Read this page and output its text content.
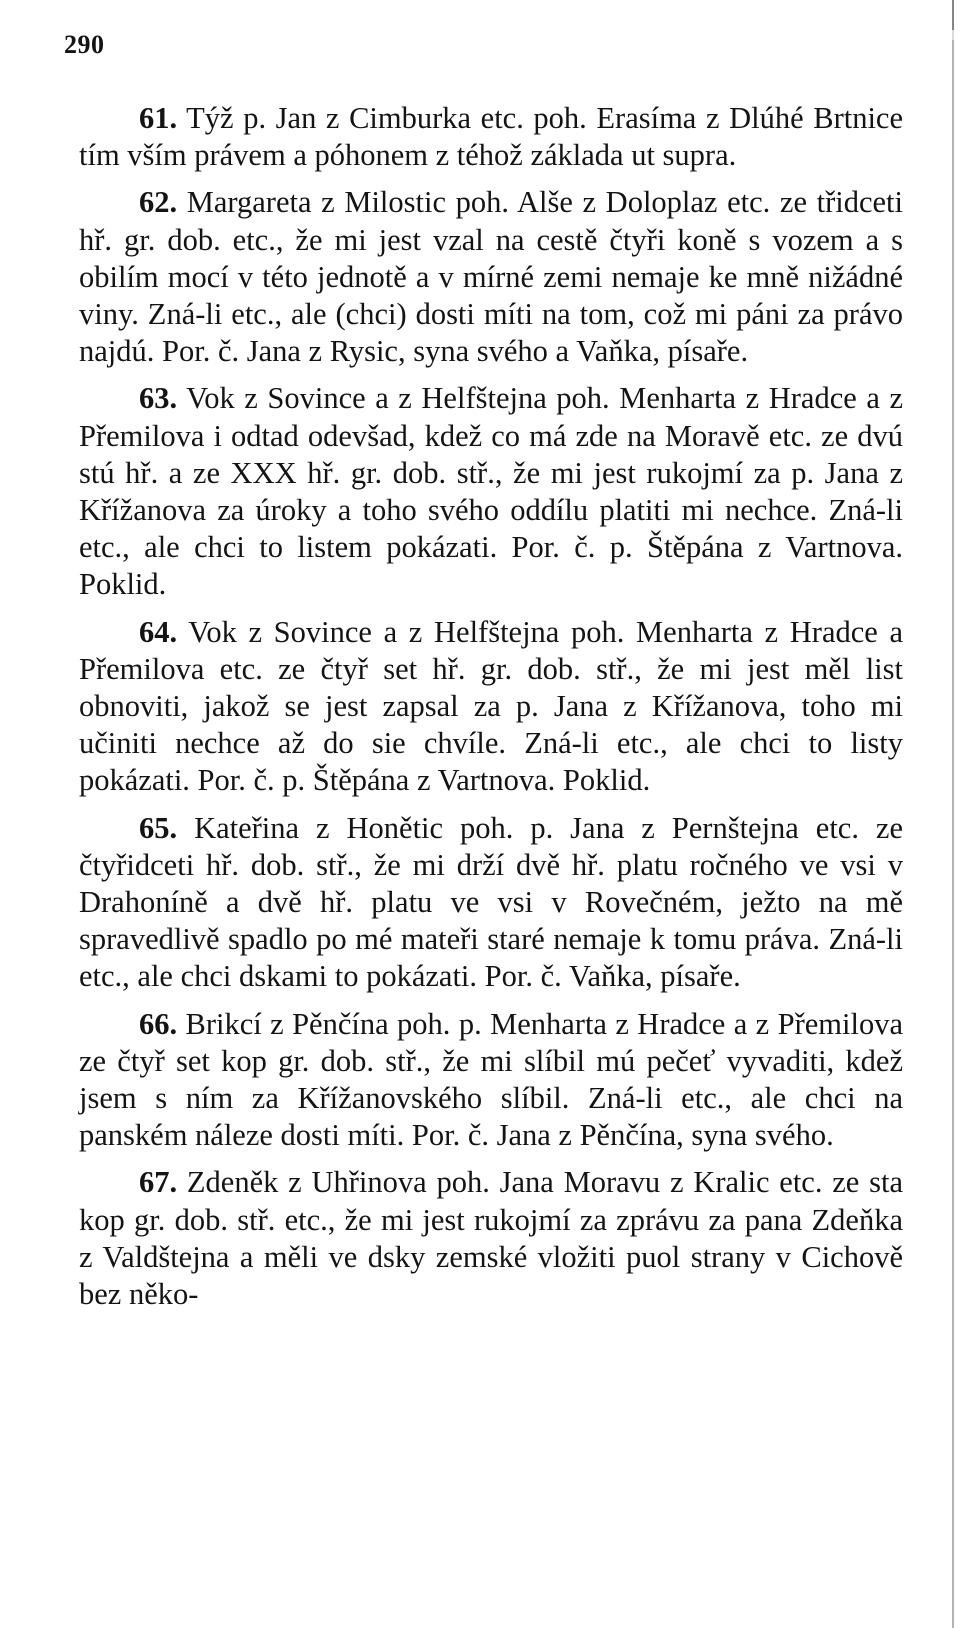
290

61. Týž p. Jan z Cimburka etc. poh. Erasíma z Dlúhé Brtnice tím vším právem a póhonem z téhož základa ut supra.

62. Margareta z Milostic poh. Alše z Doloplaz etc. ze třidceti hř. gr. dob. etc., že mi jest vzal na cestě čtyři koně s vozem a s obilím mocí v této jednotě a v mírné zemi nemaje ke mně nižádné viny. Zná-li etc., ale (chci) dosti míti na tom, což mi páni za právo najdú. Por. č. Jana z Rysic, syna svého a Vaňka, písaře.

63. Vok z Sovince a z Helfštejna poh. Menharta z Hradce a z Přemilova i odtad odevšad, kdež co má zde na Moravě etc. ze dvú stú hř. a ze XXX hř. gr. dob. stř., že mi jest rukojmí za p. Jana z Křížanova za úroky a toho svého oddílu platiti mi nechce. Zná-li etc., ale chci to listem pokázati. Por. č. p. Štěpána z Vartnova. Poklid.

64. Vok z Sovince a z Helfštejna poh. Menharta z Hradce a Přemilova etc. ze čtyř set hř. gr. dob. stř., že mi jest měl list obnoviti, jakož se jest zapsal za p. Jana z Křížanova, toho mi učiniti nechce až do sie chvíle. Zná-li etc., ale chci to listy pokázati. Por. č. p. Štěpána z Vartnova. Poklid.

65. Kateřina z Honětic poh. p. Jana z Pernštejna etc. ze čtyřidceti hř. dob. stř., že mi drží dvě hř. platu ročného ve vsi v Drahoníně a dvě hř. platu ve vsi v Rovečném, ježto na mě spravedlivě spadlo po mé mateři staré nemaje k tomu práva. Zná-li etc., ale chci dskami to pokázati. Por. č. Vaňka, písaře.

66. Brikcí z Pěnčína poh. p. Menharta z Hradce a z Přemilova ze čtyř set kop gr. dob. stř., že mi slíbil mú pečeť vyvaditi, kdež jsem s ním za Křížanovského slíbil. Zná-li etc., ale chci na panském náleze dosti míti. Por. č. Jana z Pěnčína, syna svého.

67. Zdeněk z Uhřinova poh. Jana Moravu z Kralic etc. ze sta kop gr. dob. stř. etc., že mi jest rukojmí za zprávu za pana Zdeňka z Valdštejna a měli ve dsky zemské vložiti puol strany v Cichově bez něko-
